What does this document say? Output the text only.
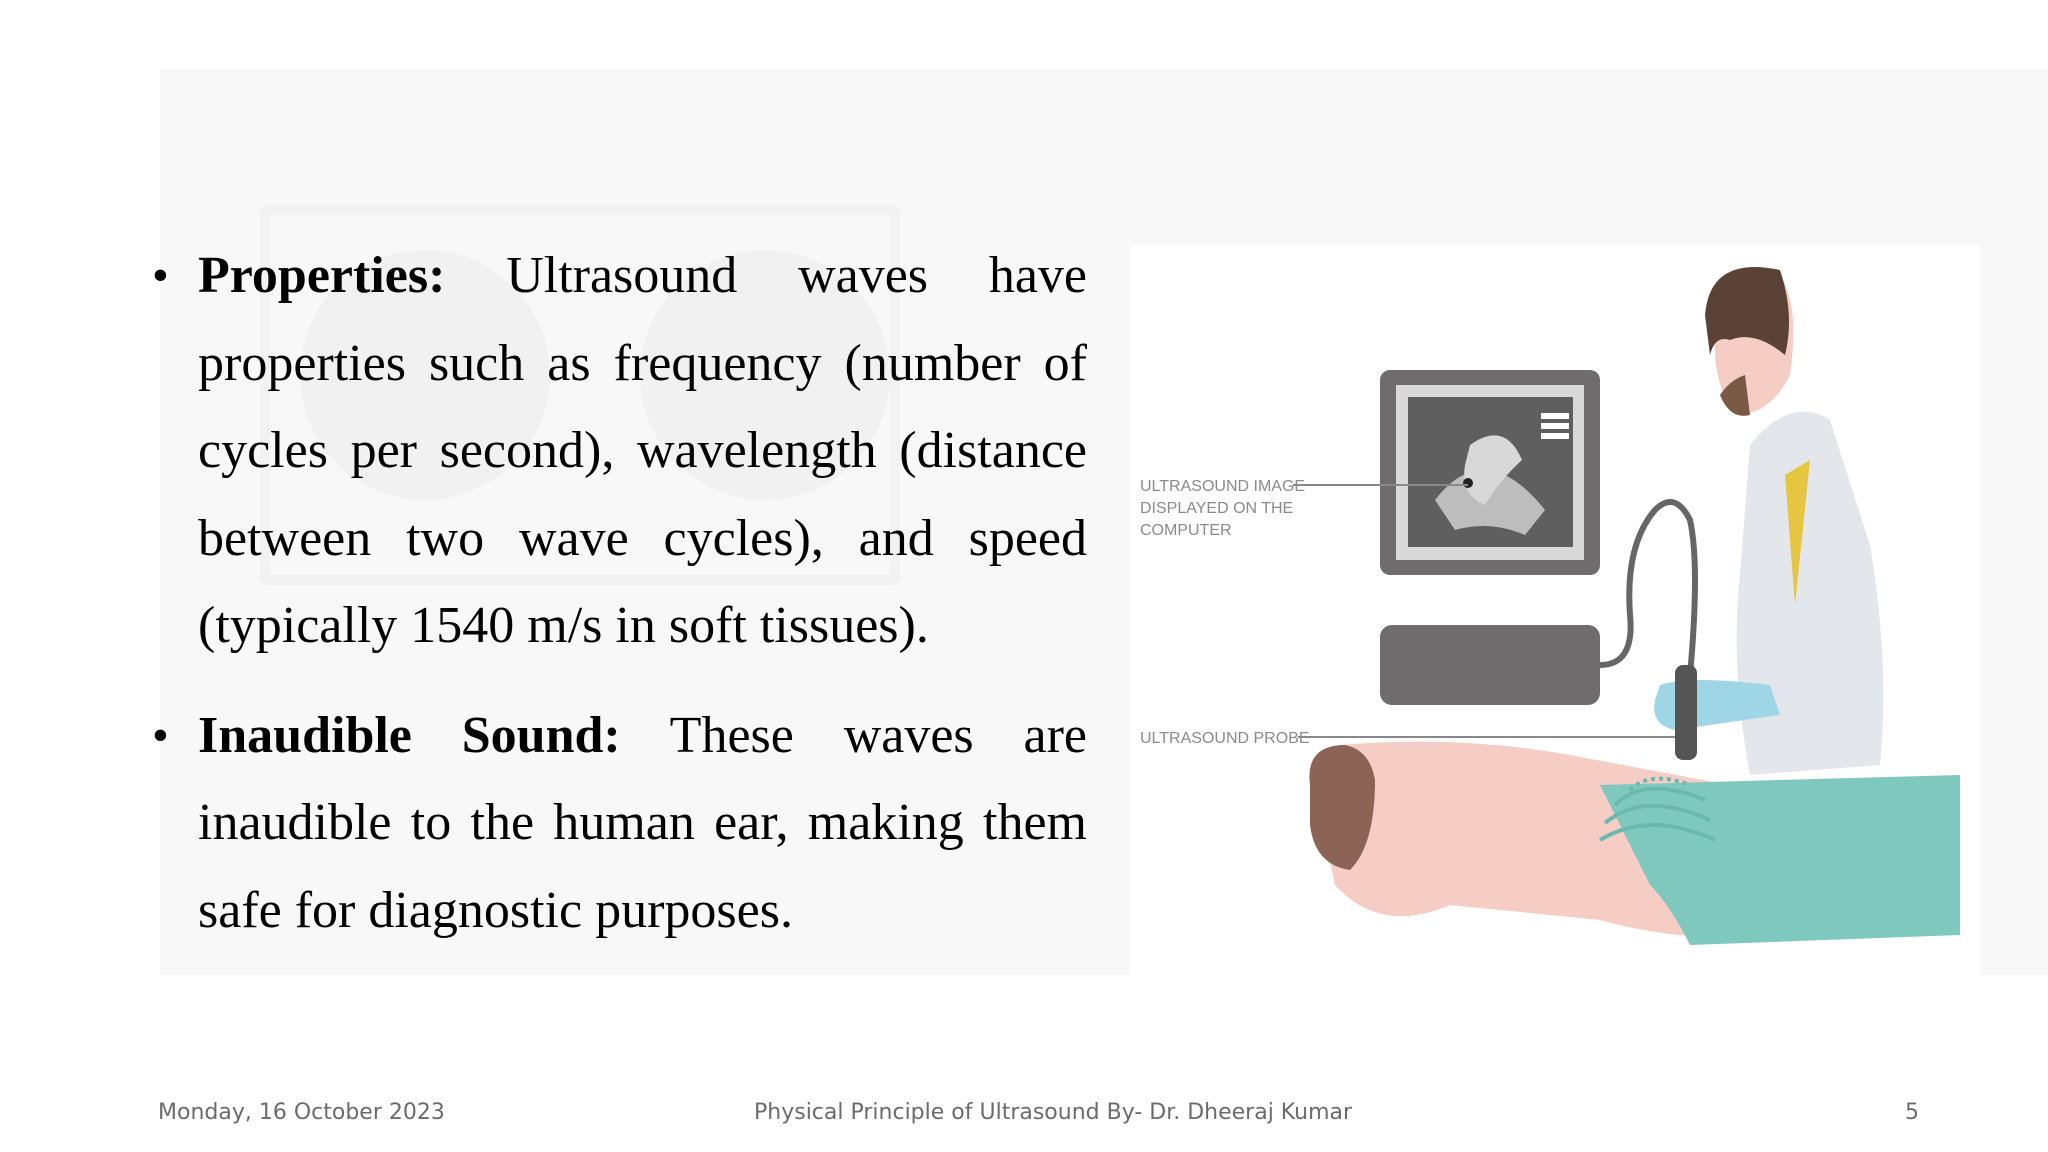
• Properties: Ultrasound waves have properties such as frequency (number of cycles per second), wavelength (distance between two wave cycles), and speed (typically 1540 m/s in soft tissues).
• Inaudible Sound: These waves are inaudible to the human ear, making them safe for diagnostic purposes.
ULTRASOUND IMAGE
DISPLAYED ON THE
COMPUTER
ULTRASOUND PROBE
Monday, 16 October 2023	Physical Principle of Ultrasound By- Dr. Dheeraj Kumar	5
